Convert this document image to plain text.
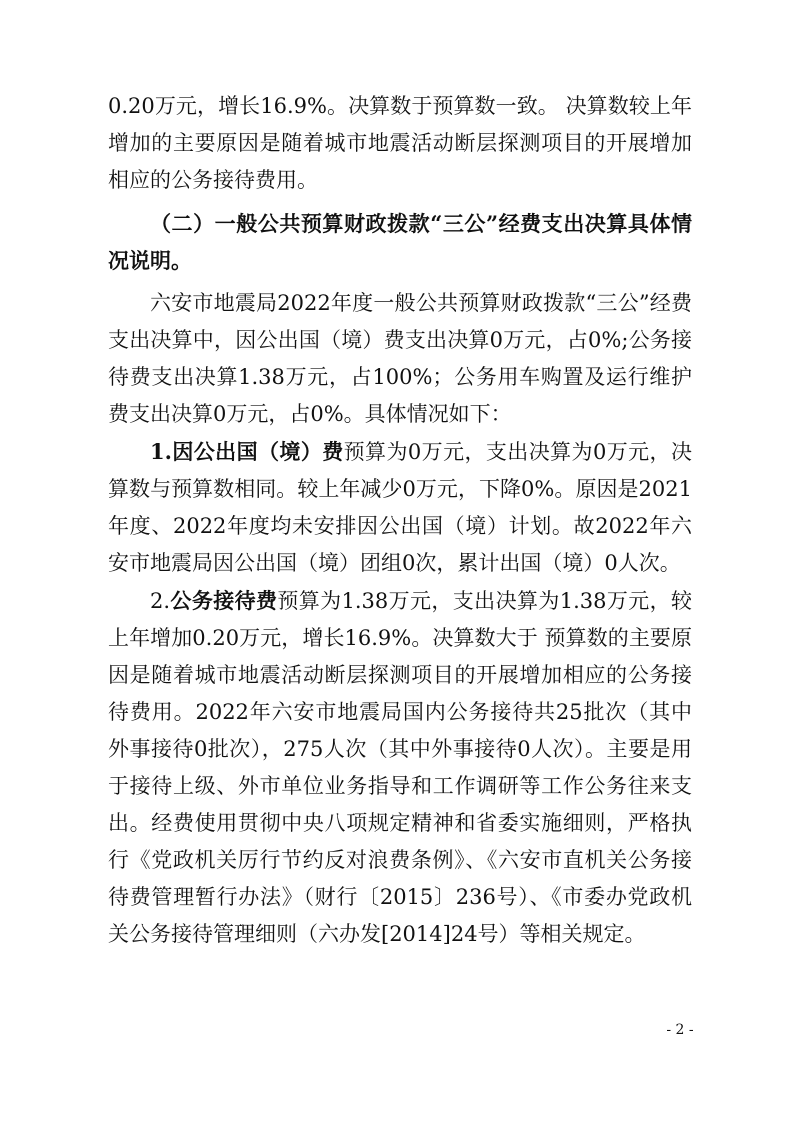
0.20万元，增长16.9%。决算数于预算数一致。 决算数较上年增加的主要原因是随着城市地震活动断层探测项目的开展增加相应的公务接待费用。

（二）一般公共预算财政拨款“三公”经费支出决算具体情况说明。

六安市地震局2022年度一般公共预算财政拨款“三公”经费支出决算中，因公出国（境）费支出决算0万元，占0%;公务接待费支出决算1.38万元，占100%；公务用车购置及运行维护费支出决算0万元，占0%。具体情况如下：

1.因公出国（境）费预算为0万元，支出决算为0万元，决算数与预算数相同。较上年减少0万元，下降0%。原因是2021年度、2022年度均未安排因公出国（境）计划。故2022年六安市地震局因公出国（境）团组0次，累计出国（境）0人次。

2.公务接待费预算为1.38万元，支出决算为1.38万元，较上年增加0.20万元，增长16.9%。决算数大于 预算数的主要原因是随着城市地震活动断层探测项目的开展增加相应的公务接待费用。2022年六安市地震局国内公务接待共25批次（其中外事接待0批次），275人次（其中外事接待0人次）。主要是用于接待上级、外市单位业务指导和工作调研等工作公务往来支出。经费使用贯彻中央八项规定精神和省委实施细则，严格执行《党政机关厉行节约反对浪费条例》、《六安市直机关公务接待费管理暂行办法》（财行〔2015〕236号）、《市委办党政机关公务接待管理细则（六办发[2014]24号）等相关规定。

- 2 -
